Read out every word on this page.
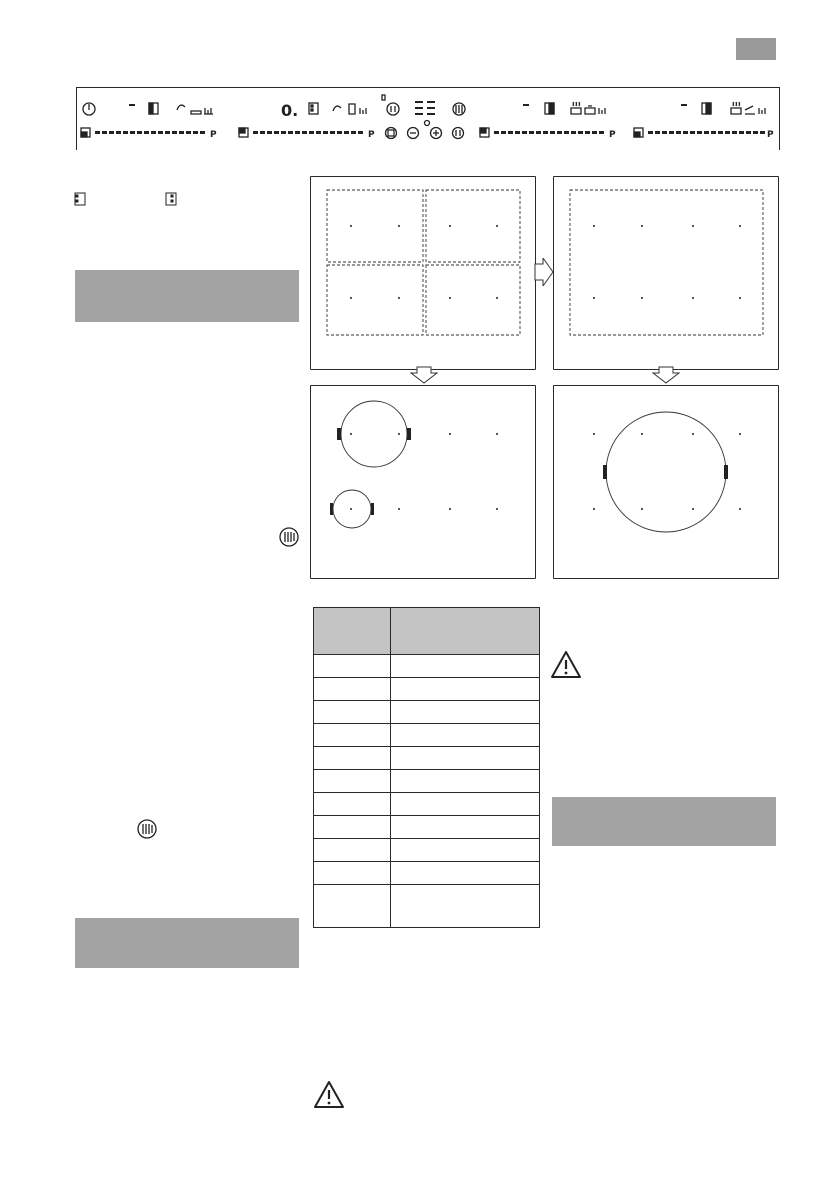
0.
P	P	P	P
